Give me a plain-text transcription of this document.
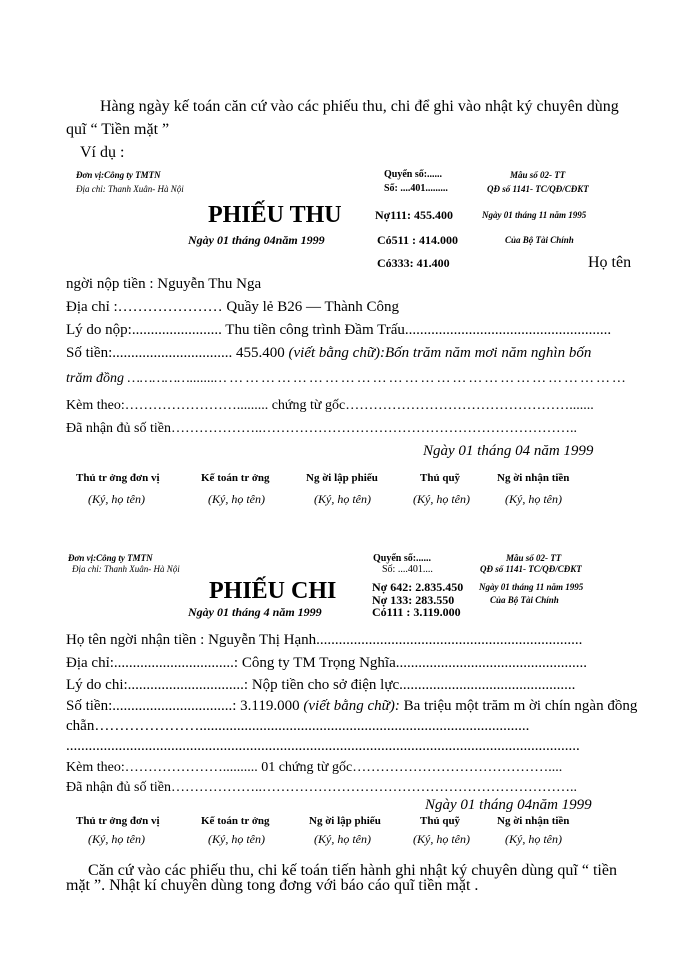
Hàng ngày kế toán căn cứ vào các phiếu thu, chi để ghi vào nhật ký chuyên dùng
quĩ “ Tiền mặt ”
Ví dụ :
Đơn vị:Công ty TMTN
Địa chỉ: Thanh Xuân- Hà Nội
Quyển số:......
Số: ....401.........
Mẫu số 02- TT
QĐ số 1141- TC/QĐ/CĐKT
PHIẾU THU	Nợ111: 455.400	Ngày 01 tháng 11 năm 1995
Ngày 01 tháng 04năm 1999	Có511 : 414.000	Của Bộ Tài Chính
Có333: 41.400	Họ tên
ngời nộp tiền : Nguyễn Thu Nga
Địa chỉ :………………… Quầy lẻ B26 — Thành Công
Lý do nộp:........................ Thu tiền công trình Đầm Trấu.......................................................
Số tiền:................................ 455.400 (viết bằng chữ):Bốn trăm năm mơi năm nghìn bốn
trăm đồng …………….......… … … … … … … … … … … … … … … … … … … … … … … … … …
Kèm theo:……………………......... chứng từ gốc………………………………………….......
Đã nhận đủ số tiền………………..…………………………………………………………..
Ngày 01 tháng 04 năm 1999
Thủ tr ởng đơn vị	Kế toán tr ởng	Ng ời lập phiếu	Thủ quỹ	Ng ời nhận tiền
(Ký, họ tên)	(Ký, họ tên)	(Ký, họ tên)	(Ký, họ tên)	(Ký, họ tên)
Đơn vị:Công ty TMTN
Địa chỉ: Thanh Xuân- Hà Nội
Quyển số:......
Số: ....401....
Mẫu số 02- TT
QĐ số 1141- TC/QĐ/CĐKT
PHIẾU CHI	Nợ 642: 2.835.450 Ngày 01 tháng 11 năm 1995
Nợ 133: 283.550	Của Bộ Tài Chính
Ngày 01 tháng 4 năm 1999	Có111 : 3.119.000
Họ tên ngời nhận tiền : Nguyễn Thị Hạnh.......................................................................
Địa chỉ:................................: Công ty TM Trọng Nghĩa...................................................
Lý do chi:...............................: Nộp tiền cho sở điện lực...............................................
Số tiền:................................: 3.119.000 (viết bằng chữ): Ba triệu một trăm m ời chín ngàn đồng
chẵn…………………........................................................................................
.........................................................................................................................................
Kèm theo:………………….......... 01 chứng từ gốc……………………………………....
Đã nhận đủ số tiền………………..…………………………………………………………..
Ngày 01 tháng 04năm 1999
Thủ tr ởng đơn vị	Kế toán tr ởng	Ng ời lập phiếu	Thủ quỹ	Ng ời nhận tiền
(Ký, họ tên)	(Ký, họ tên)	(Ký, họ tên)	(Ký, họ tên)	(Ký, họ tên)
Căn cứ vào các phiếu thu, chi kế toán tiến hành ghi nhật ký chuyên dùng quĩ “ tiền
mặt ”. Nhật kí chuyên dùng tong đơng với báo cáo quĩ tiền mặt .
